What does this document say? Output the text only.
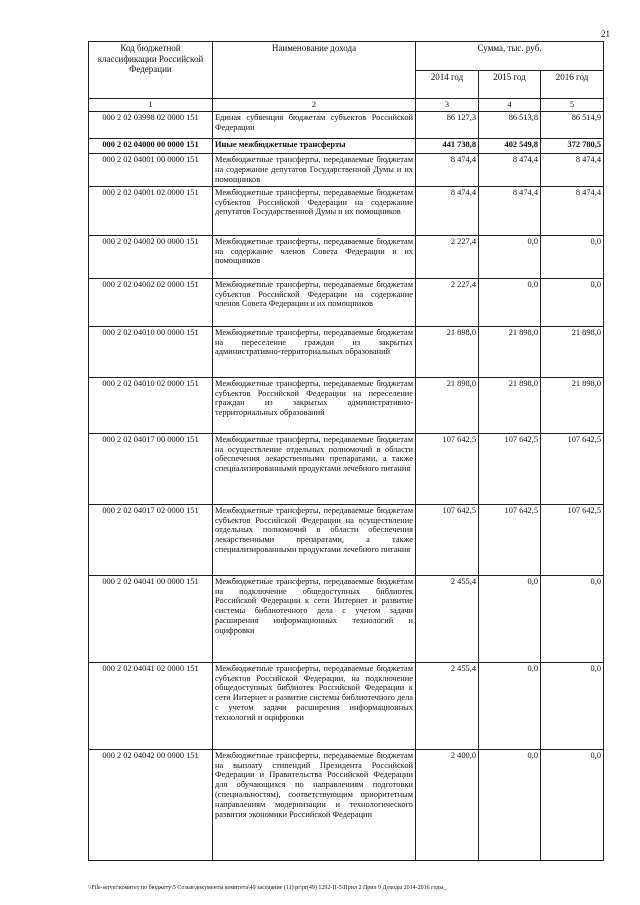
21
Код бюджетной классификации Российской Федерации	Наименование дохода	Сумма, тыс. руб.		
		2014 год	2015 год	2016 год
1	2	3	4	5
000 2 02 03998 02 0000 151	Единая субвенция бюджетам субъектов Российской Федерации	86 127,3	86 513,8	86 514,9
000 2 02 04000 00 0000 151	Иные межбюджетные трансферты	441 738,8	402 549,8	372 780,5
000 2 02 04001 00 0000 151	Межбюджетные трансферты, передаваемые бюджетам на содержание депутатов Государственной Думы и их помощников	8 474,4	8 474,4	8 474,4
000 2 02 04001 02 0000 151	Межбюджетные трансферты, передаваемые бюджетам субъектов Российской Федерации на содержание депутатов Государственной Думы и их помощников	8 474,4	8 474,4	8 474,4
000 2 02 04002 00 0000 151	Межбюджетные трансферты, передаваемые бюджетам на содержание членов Совета Федерации и их помощников	2 227,4	0,0	0,0
000 2 02 04002 02 0000 151	Межбюджетные трансферты, передаваемые бюджетам субъектов Российской Федерации на содержание членов Совета Федерации и их помощников	2 227,4	0,0	0,0
000 2 02 04010 00 0000 151	Межбюджетные трансферты, передаваемые бюджетам на переселение граждан из закрытых административно-территориальных образований	21 898,0	21 898,0	21 898,0
000 2 02 04010 02 0000 151	Межбюджетные трансферты, передаваемые бюджетам субъектов Российской Федерации на переселение граждан из закрытых административно-территориальных образований	21 898,0	21 898,0	21 898,0
000 2 02 04017 00 0000 151	Межбюджетные трансферты, передаваемые бюджетам на осуществление отдельных полномочий в области обеспечения лекарственными препаратами, а также специализированными продуктами лечебного питания	107 642,5	107 642,5	107 642,5
000 2 02 04017 02 0000 151	Межбюджетные трансферты, передаваемые бюджетам субъектов Российской Федерации на осуществление отдельных полномочий в области обеспечения лекарственными препаратами, а также специализированными продуктами лечебного питания	107 642,5	107 642,5	107 642,5
000 2 02 04041 00 0000 151	Межбюджетные трансферты, передаваемые бюджетам на подключение общедоступных библиотек Российской Федерации к сети Интернет и развитие системы библиотечного дела с учетом задачи расширения информационных технологий и оцифровки	2 455,4	0,0	0,0
000 2 02 04041 02 0000 151	Межбюджетные трансферты, передаваемые бюджетам субъектов Российской Федерации, на подключение общедоступных библиотек Российской Федерации к сети Интернет и развитие системы библиотечного дела с учетом задачи расширения информационных технологий и оцифровки	2 455,4	0,0	0,0
000 2 02 04042 00 0000 151	Межбюджетные трансферты, передаваемые бюджетам на выплату стипендий Президента Российской Федерации и Правительства Российской Федерации для обучающихся по направлениям подготовки (специальностям), соответствующим приоритетным направлениям модернизации и технологического развития экономики Российской Федерации	2 400,0	0,0	0,0
\\File-server\комитет по бюджету\5 Созыв\документы комитета\49 заседание (11)\pr\pr(49) 1292-П-5\Прил 2 Прил 9 Доходы 2014-2016 годы_
